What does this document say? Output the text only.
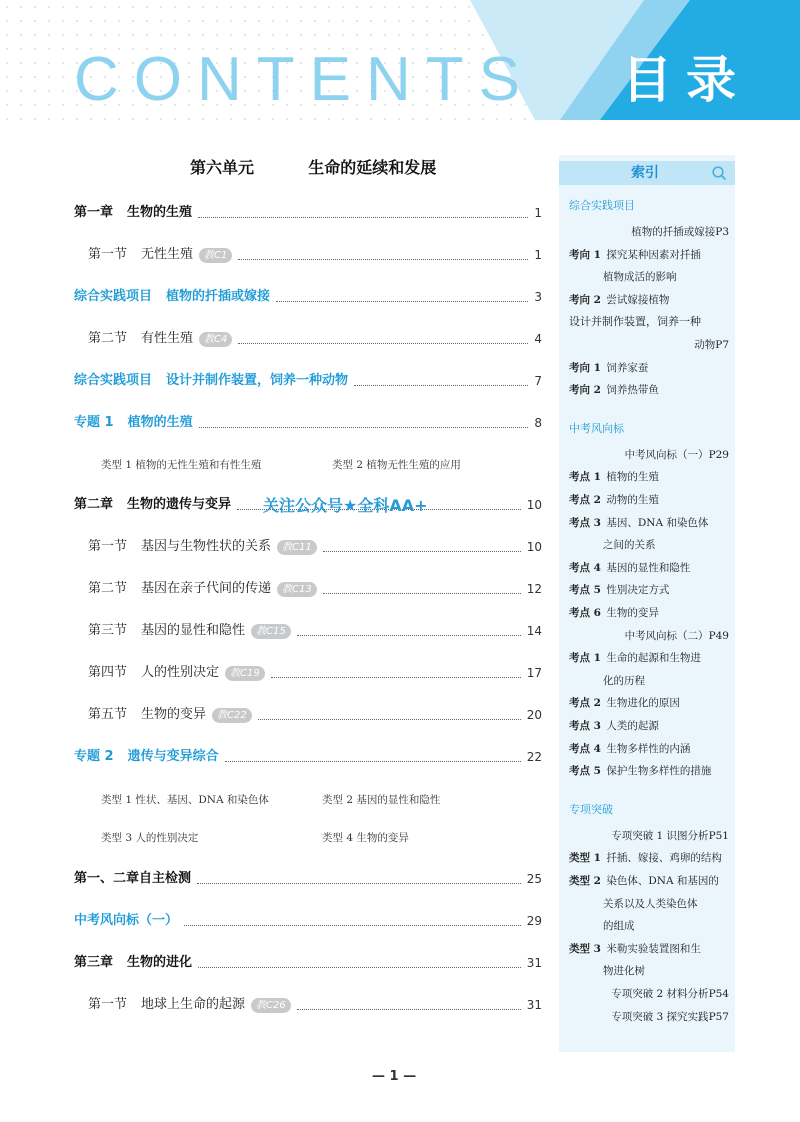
CONTENTS 目录
第六单元    生命的延续和发展
第一章 生物的生殖	1
第一节 无性生殖	教C1	1
综合实践项目 植物的扦插或嫁接	3
第二节 有性生殖	教C4	4
综合实践项目 设计并制作装置，饲养一种动物	7
专题 1 植物的生殖	8
第二章 生物的遗传与变异	10
第一节 基因与生物性状的关系	教C11	10
第二节 基因在亲子代间的传递	教C13	12
第三节 基因的显性和隐性	教C15	14
第四节 人的性别决定	教C19	17
第五节 生物的变异	教C22	20
专题 2 遗传与变异综合	22
第一、二章自主检测	25
中考风向标（一）	29
第三章 生物的进化	31
第一节 地球上生命的起源	教C26	31
类型 1 植物的无性生殖和有性生殖	类型 2 植物无性生殖的应用
类型 1 性状、基因、DNA 和染色体	类型 2 基因的显性和隐性
类型 3 人的性别决定	类型 4 生物的变异
关注公众号★全科AA+
— 1 —
索引
综合实践项目
植物的扦插或嫁接 P3
考向 1 探究某种因素对扦插
植物成活的影响
考向 2 尝试嫁接植物
设计并制作装置，饲养一种
动物 P7
考向 1 饲养家蚕
考向 2 饲养热带鱼
中考风向标
中考风向标（一） P29
考点 1 植物的生殖
考点 2 动物的生殖
考点 3 基因、DNA 和染色体
之间的关系
考点 4 基因的显性和隐性
考点 5 性别决定方式
考点 6 生物的变异
中考风向标（二） P49
考点 1 生命的起源和生物进
化的历程
考点 2 生物进化的原因
考点 3 人类的起源
考点 4 生物多样性的内涵
考点 5 保护生物多样性的措施
专项突破
专项突破 1 识图分析 P51
类型 1 扦插、嫁接、鸡卵的结构
类型 2 染色体、DNA 和基因的
关系以及人类染色体
的组成
类型 3 米勒实验装置图和生
物进化树
专项突破 2 材料分析 P54
专项突破 3 探究实践 P57
